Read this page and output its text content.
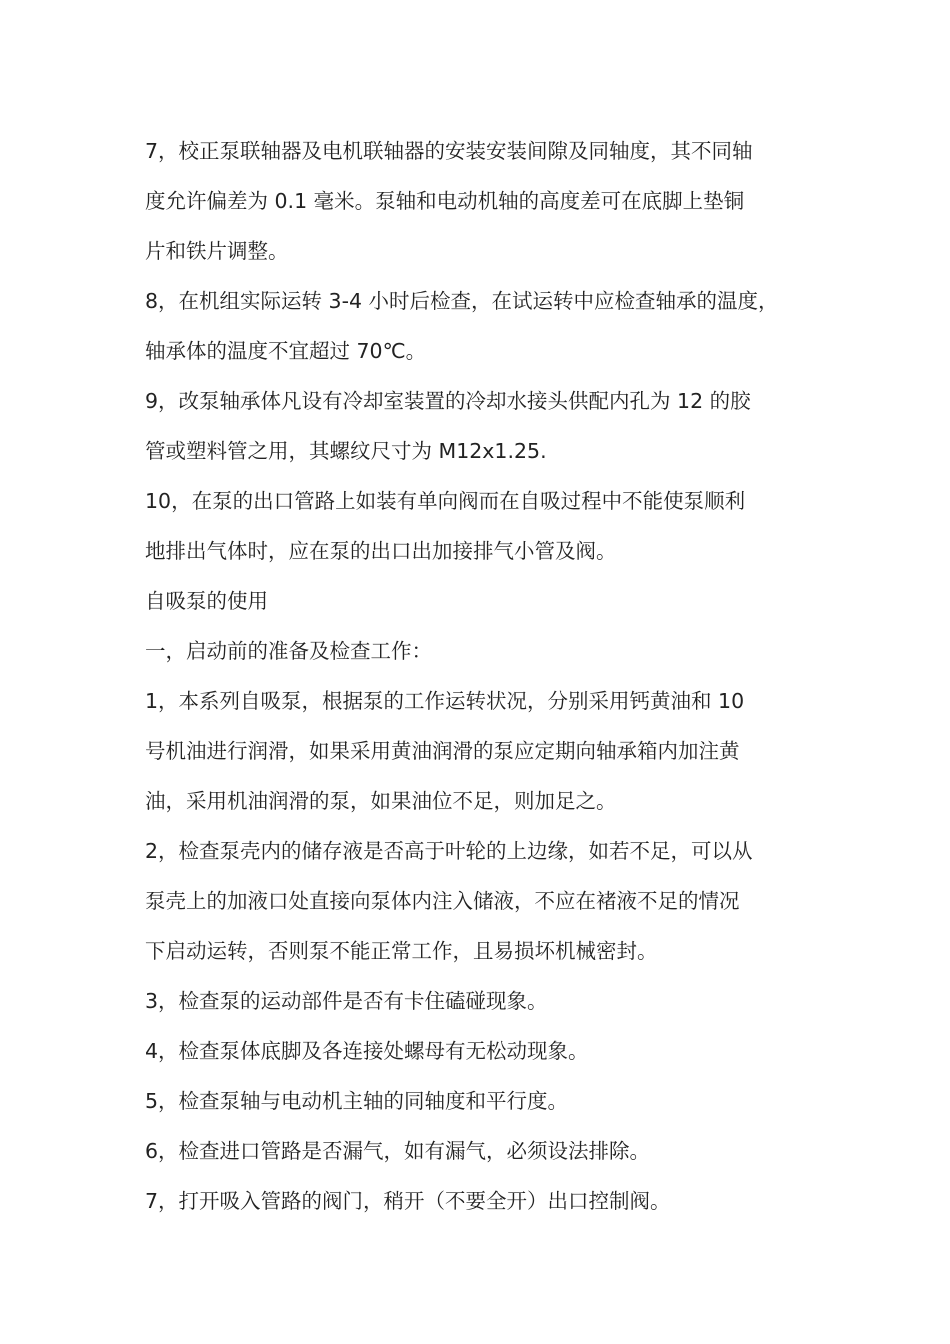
7，校正泵联轴器及电机联轴器的安装安装间隙及同轴度，其不同轴
度允许偏差为 0.1 毫米。泵轴和电动机轴的高度差可在底脚上垫铜
片和铁片调整。
8，在机组实际运转 3-4 小时后检查，在试运转中应检查轴承的温度，
轴承体的温度不宜超过 70℃。
9，改泵轴承体凡设有冷却室装置的冷却水接头供配内孔为 12 的胶
管或塑料管之用，其螺纹尺寸为 M12x1.25.
10，在泵的出口管路上如装有单向阀而在自吸过程中不能使泵顺利
地排出气体时，应在泵的出口出加接排气小管及阀。
自吸泵的使用
一，启动前的准备及检查工作：
1，本系列自吸泵，根据泵的工作运转状况，分别采用钙黄油和 10
号机油进行润滑，如果采用黄油润滑的泵应定期向轴承箱内加注黄
油，采用机油润滑的泵，如果油位不足，则加足之。
2，检查泵壳内的储存液是否高于叶轮的上边缘，如若不足，可以从
泵壳上的加液口处直接向泵体内注入储液，不应在褚液不足的情况
下启动运转，否则泵不能正常工作，且易损坏机械密封。
3，检查泵的运动部件是否有卡住磕碰现象。
4，检查泵体底脚及各连接处螺母有无松动现象。
5，检查泵轴与电动机主轴的同轴度和平行度。
6，检查进口管路是否漏气，如有漏气，必须设法排除。
7，打开吸入管路的阀门，稍开（不要全开）出口控制阀。
